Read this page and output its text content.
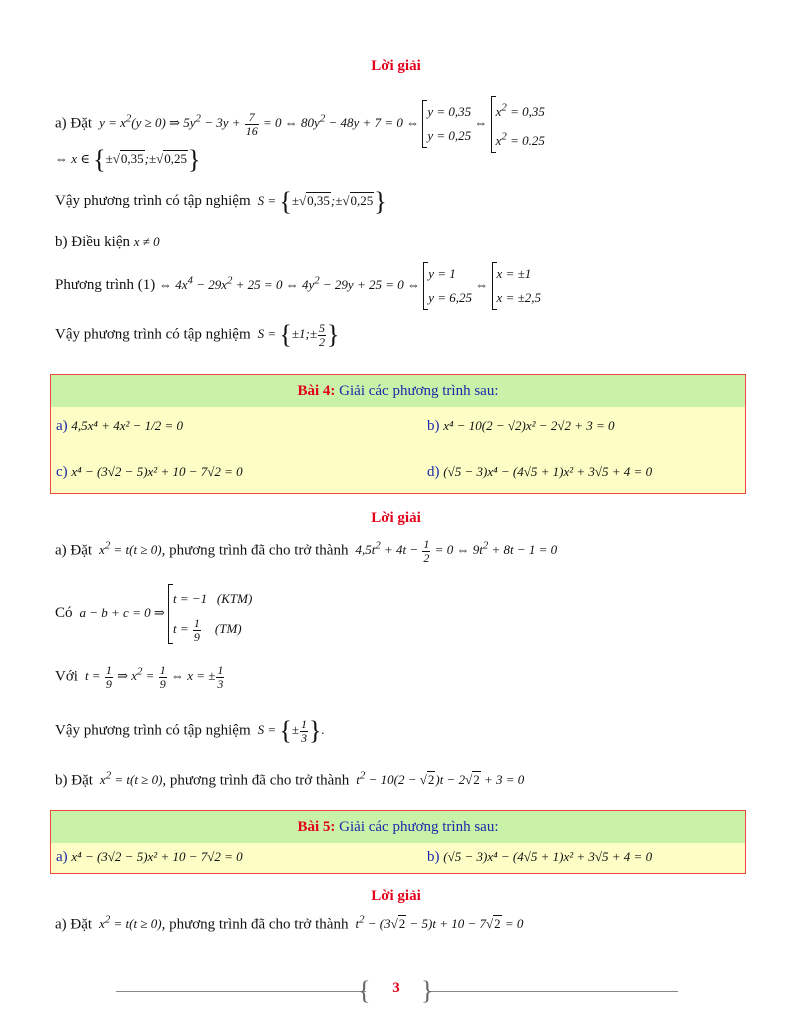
Lời giải
a) Đặt  $y = x^2(y \ge 0)$ ⇒ $5y^2 - 3y + \frac{7}{16} = 0$ ⇔ $80y^2 - 48y + 7 = 0$ ⇔ y = 0,35
y = 0,25 ⇔ $x^2 = 0,35$
$x^2 = 0.25$
⇔ x ∈ {±√0,35;±√0,25}
Vậy phương trình có tập nghiệm  S = {±√0,35;±√0,25}
b) Điều kiện x ≠ 0
Phương trình (1) ⇔ $4x^4 - 29x^2 + 25 = 0$ ⇔ $4y^2 - 29y + 25 = 0$ ⇔ y = 1
y = 6,25 ⇔ x = ±1
x = ±2,5
Vậy phương trình có tập nghiệm  S = {±1;± $\frac{5}{2}$ }
Bài 4: Giải các phương trình sau:
a) 4,5x⁴ + 4x² − 1/2 = 0	b) x⁴ − 10(2 − √2)x² − 2√2 + 3 = 0
c) x⁴ − (3√2 − 5)x² + 10 − 7√2 = 0	d) (√5 − 3)x⁴ − (4√5 + 1)x² + 3√5 + 4 = 0
Lời giải
a) Đặt  $x^2 = t(t \ge 0)$, phương trình đã cho trở thành  $4,5t^2 + 4t - \frac{1}{2} = 0$ ⇔ $9t^2 + 8t - 1 = 0$
Có  a − b + c = 0 ⇒ t = −1   (KTM)
$t = \frac{1}{9} (TM)$
Với  $t = \frac{1}{9}$ ⇒ $x^2 = \frac{1}{9}$ ⇔ x = ± $\frac{1}{3}$
Vậy phương trình có tập nghiệm  S = {± $\frac{1}{3}$ }.
b) Đặt  $x^2 = t(t \ge 0)$, phương trình đã cho trở thành  $t^2 - 10(2 - √2)t - 2√2 + 3 = 0$
Bài 5: Giải các phương trình sau:
a) x⁴ − (3√2 − 5)x² + 10 − 7√2 = 0	b) (√5 − 3)x⁴ − (4√5 + 1)x² + 3√5 + 4 = 0
Lời giải
a) Đặt  $x^2 = t(t \ge 0)$, phương trình đã cho trở thành  $t^2 - (3√2 - 5)t + 10 - 7√2 = 0$
{ }
3
